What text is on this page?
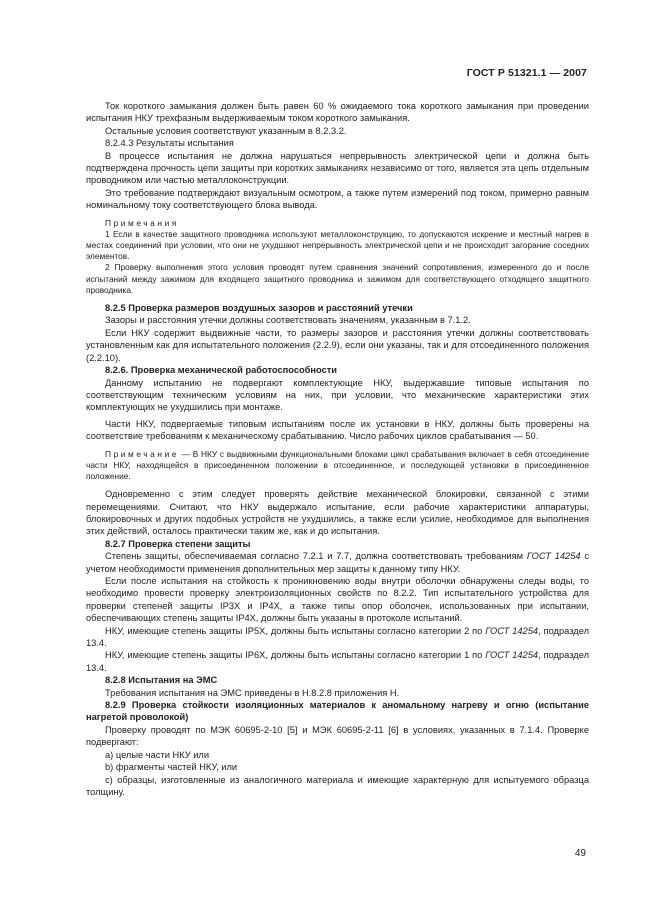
ГОСТ Р 51321.1 — 2007

Ток короткого замыкания должен быть равен 60 % ожидаемого тока короткого замыкания при проведении испытания НКУ трехфазным выдерживаемым током короткого замыкания.

Остальные условия соответствуют указанным в 8.2.3.2.

8.2.4.3 Результаты испытания

В процессе испытания не должна нарушаться непрерывность электрической цепи и должна быть подтверждена прочность цепи защиты при коротких замыканиях независимо от того, является эта цепь отдельным проводником или частью металлоконструкции.

Это требование подтверждают визуальным осмотром, а также путем измерений под током, примерно равным номинальному току соответствующего блока вывода.

Примечания

1 Если в качестве защитного проводника используют металлоконструкцию, то допускаются искрение и местный нагрев в местах соединений при условии, что они не ухудшают непрерывность электрической цепи и не происходит загорание соседних элементов.

2 Проверку выполнения этого условия проводят путем сравнения значений сопротивления, измеренного до и после испытаний между зажимом для входящего защитного проводника и зажимом для соответствующего отходящего защитного проводника.

8.2.5 Проверка размеров воздушных зазоров и расстояний утечки

Зазоры и расстояния утечки должны соответствовать значениям, указанным в 7.1.2.

Если НКУ содержит выдвижные части, то размеры зазоров и расстояния утечки должны соответствовать установленным как для испытательного положения (2.2.9), если они указаны, так и для отсоединенного положения (2.2.10).

8.2.6. Проверка механической работоспособности

Данному испытанию не подвергают комплектующие НКУ, выдержавшие типовые испытания по соответствующим техническим условиям на них, при условии, что механические характеристики этих комплектующих не ухудшились при монтаже.

Части НКУ, подвергаемые типовым испытаниям после их установки в НКУ, должны быть проверены на соответствие требованиям к механическому срабатыванию. Число рабочих циклов срабатывания — 50.

Примечание — В НКУ с выдвижными функциональными блоками цикл срабатывания включает в себя отсоединение части НКУ, находящейся в присоединенном положении в отсоединенное, и последующей установки в присоединенное положение.

Одновременно с этим следует проверять действие механической блокировки, связанной с этими перемещениями. Считают, что НКУ выдержало испытание, если рабочие характеристики аппаратуры, блокировочных и других подобных устройств не ухудшились, а также если усилие, необходимое для выполнения этих действий, осталось практически таким же, как и до испытания.

8.2.7 Проверка степени защиты

Степень защиты, обеспечиваемая согласно 7.2.1 и 7.7, должна соответствовать требованиям ГОСТ 14254 с учетом необходимости применения дополнительных мер защиты к данному типу НКУ.

Если после испытания на стойкость к проникновению воды внутри оболочки обнаружены следы воды, то необходимо провести проверку электроизоляционных свойств по 8.2.2. Тип испытательного устройства для проверки степеней защиты IP3X и IP4X, а также типы опор оболочек, использованных при испытании, обеспечивающих степень защиты IP4X, должны быть указаны в протоколе испытаний.

НКУ, имеющие степень защиты IP5X, должны быть испытаны согласно категории 2 по ГОСТ 14254, подраздел 13.4.

НКУ, имеющие степень защиты IP6X, должны быть испытаны согласно категории 1 по ГОСТ 14254, подраздел 13.4.

8.2.8 Испытания на ЭМС

Требования испытания на ЭМС приведены в Н.8.2.8 приложения Н.

8.2.9 Проверка стойкости изоляционных материалов к аномальному нагреву и огню (испытание нагретой проволокой)

Проверку проводят по МЭК 60695-2-10 [5] и МЭК 60695-2-11 [6] в условиях, указанных в 7.1.4. Проверке подвергают:

а) целые части НКУ или

b) фрагменты частей НКУ, или

с) образцы, изготовленные из аналогичного материала и имеющие характерную для испытуемого образца толщину.

49
